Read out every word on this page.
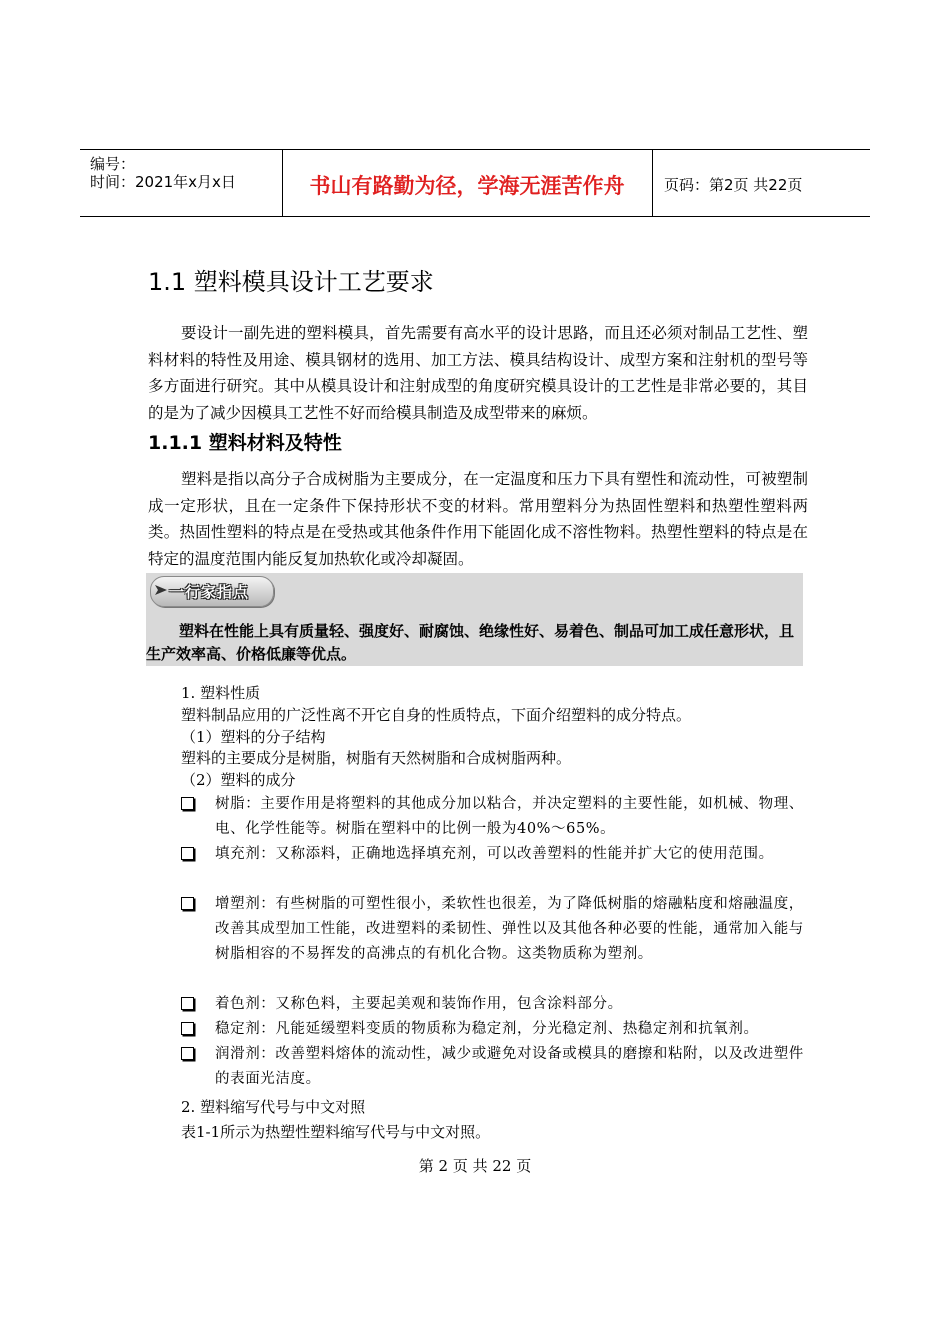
编号：
时间：2021年x月x日	书山有路勤为径，学海无涯苦作舟	页码：第2页 共22页
1.1 塑料模具设计工艺要求

要设计一副先进的塑料模具，首先需要有高水平的设计思路，而且还必须对制品工艺性、塑料材料的特性及用途、模具钢材的选用、加工方法、模具结构设计、成型方案和注射机的型号等多方面进行研究。其中从模具设计和注射成型的角度研究模具设计的工艺性是非常必要的，其目的是为了减少因模具工艺性不好而给模具制造及成型带来的麻烦。

1.1.1 塑料材料及特性

塑料是指以高分子合成树脂为主要成分，在一定温度和压力下具有塑性和流动性，可被塑制成一定形状，且在一定条件下保持形状不变的材料。常用塑料分为热固性塑料和热塑性塑料两类。热固性塑料的特点是在受热或其他条件作用下能固化成不溶性物料。热塑性塑料的特点是在特定的温度范围内能反复加热软化或冷却凝固。

一行家指点

塑料在性能上具有质量轻、强度好、耐腐蚀、绝缘性好、易着色、制品可加工成任意形状，且生产效率高、价格低廉等优点。

1. 塑料性质
塑料制品应用的广泛性离不开它自身的性质特点，下面介绍塑料的成分特点。
（1）塑料的分子结构
塑料的主要成分是树脂，树脂有天然树脂和合成树脂两种。
（2）塑料的成分

树脂：主要作用是将塑料的其他成分加以粘合，并决定塑料的主要性能，如机械、物理、电、化学性能等。树脂在塑料中的比例一般为40%～65%。

填充剂：又称添料，正确地选择填充剂，可以改善塑料的性能并扩大它的使用范围。

增塑剂：有些树脂的可塑性很小，柔软性也很差，为了降低树脂的熔融粘度和熔融温度，改善其成型加工性能，改进塑料的柔韧性、弹性以及其他各种必要的性能，通常加入能与树脂相容的不易挥发的高沸点的有机化合物。这类物质称为塑剂。

着色剂：又称色料，主要起美观和装饰作用，包含涂料部分。

稳定剂：凡能延缓塑料变质的物质称为稳定剂，分光稳定剂、热稳定剂和抗氧剂。

润滑剂：改善塑料熔体的流动性，减少或避免对设备或模具的磨擦和粘附，以及改进塑件的表面光洁度。

2. 塑料缩写代号与中文对照
表1-1所示为热塑性塑料缩写代号与中文对照。
第 2 页 共 22 页
